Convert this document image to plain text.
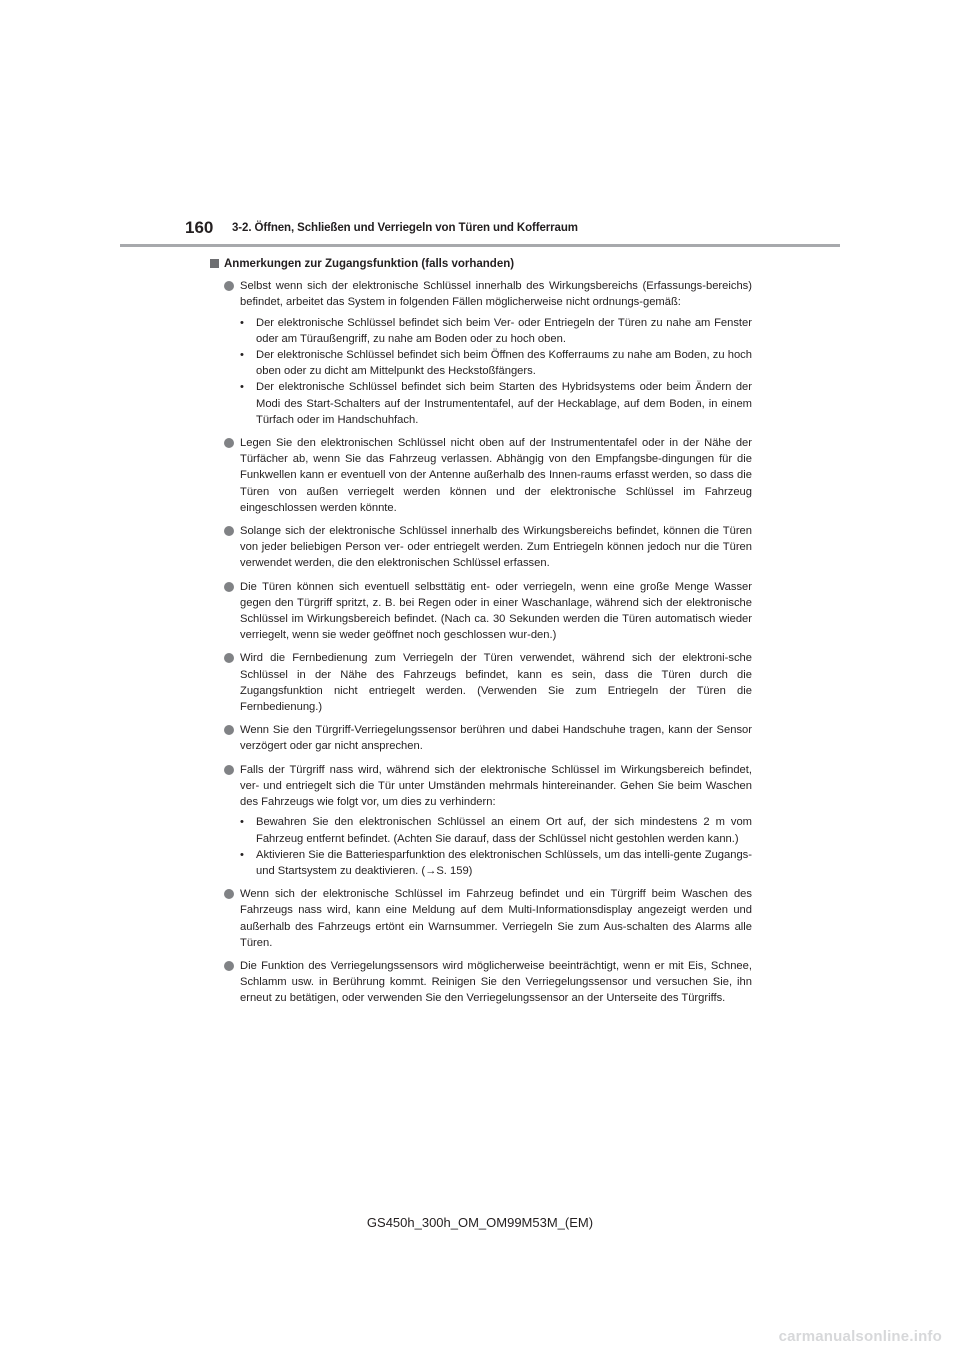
160 3-2. Öffnen, Schließen und Verriegeln von Türen und Kofferraum
Anmerkungen zur Zugangsfunktion (falls vorhanden)

Selbst wenn sich der elektronische Schlüssel innerhalb des Wirkungsbereichs (Erfassungs-bereichs) befindet, arbeitet das System in folgenden Fällen möglicherweise nicht ordnungs-gemäß:

• Der elektronische Schlüssel befindet sich beim Ver- oder Entriegeln der Türen zu nahe am Fenster oder am Türaußengriff, zu nahe am Boden oder zu hoch oben.
• Der elektronische Schlüssel befindet sich beim Öffnen des Kofferraums zu nahe am Boden, zu hoch oben oder zu dicht am Mittelpunkt des Heckstoßfängers.
• Der elektronische Schlüssel befindet sich beim Starten des Hybridsystems oder beim Ändern der Modi des Start-Schalters auf der Instrumententafel, auf der Heckablage, auf dem Boden, in einem Türfach oder im Handschuhfach.

Legen Sie den elektronischen Schlüssel nicht oben auf der Instrumententafel oder in der Nähe der Türfächer ab, wenn Sie das Fahrzeug verlassen. Abhängig von den Empfangsbe-dingungen für die Funkwellen kann er eventuell von der Antenne außerhalb des Innen-raums erfasst werden, so dass die Türen von außen verriegelt werden können und der elektronische Schlüssel im Fahrzeug eingeschlossen werden könnte.

Solange sich der elektronische Schlüssel innerhalb des Wirkungsbereichs befindet, können die Türen von jeder beliebigen Person ver- oder entriegelt werden. Zum Entriegeln können jedoch nur die Türen verwendet werden, die den elektronischen Schlüssel erfassen.

Die Türen können sich eventuell selbsttätig ent- oder verriegeln, wenn eine große Menge Wasser gegen den Türgriff spritzt, z. B. bei Regen oder in einer Waschanlage, während sich der elektronische Schlüssel im Wirkungsbereich befindet. (Nach ca. 30 Sekunden werden die Türen automatisch wieder verriegelt, wenn sie weder geöffnet noch geschlossen wur-den.)

Wird die Fernbedienung zum Verriegeln der Türen verwendet, während sich der elektroni-sche Schlüssel in der Nähe des Fahrzeugs befindet, kann es sein, dass die Türen durch die Zugangsfunktion nicht entriegelt werden. (Verwenden Sie zum Entriegeln der Türen die Fernbedienung.)

Wenn Sie den Türgriff-Verriegelungssensor berühren und dabei Handschuhe tragen, kann der Sensor verzögert oder gar nicht ansprechen.

Falls der Türgriff nass wird, während sich der elektronische Schlüssel im Wirkungsbereich befindet, ver- und entriegelt sich die Tür unter Umständen mehrmals hintereinander. Gehen Sie beim Waschen des Fahrzeugs wie folgt vor, um dies zu verhindern:

• Bewahren Sie den elektronischen Schlüssel an einem Ort auf, der sich mindestens 2 m vom Fahrzeug entfernt befindet. (Achten Sie darauf, dass der Schlüssel nicht gestohlen werden kann.)
• Aktivieren Sie die Batteriesparfunktion des elektronischen Schlüssels, um das intelli-gente Zugangs- und Startsystem zu deaktivieren. (→S. 159)

Wenn sich der elektronische Schlüssel im Fahrzeug befindet und ein Türgriff beim Waschen des Fahrzeugs nass wird, kann eine Meldung auf dem Multi-Informationsdisplay angezeigt werden und außerhalb des Fahrzeugs ertönt ein Warnsummer. Verriegeln Sie zum Aus-schalten des Alarms alle Türen.

Die Funktion des Verriegelungssensors wird möglicherweise beeinträchtigt, wenn er mit Eis, Schnee, Schlamm usw. in Berührung kommt. Reinigen Sie den Verriegelungssensor und versuchen Sie, ihn erneut zu betätigen, oder verwenden Sie den Verriegelungssensor an der Unterseite des Türgriffs.

GS450h_300h_OM_OM99M53M_(EM)
carmanualsonline.info
